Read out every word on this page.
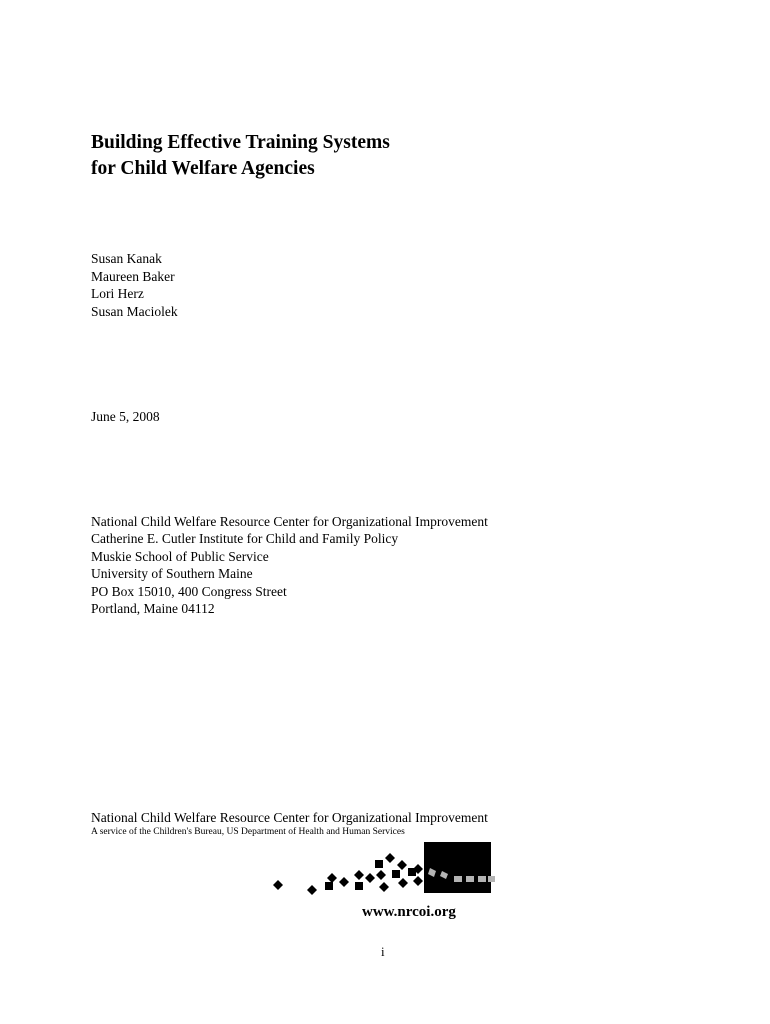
Building Effective Training Systems
for Child Welfare Agencies
Susan Kanak
Maureen Baker
Lori Herz
Susan Maciolek
June 5, 2008
National Child Welfare Resource Center for Organizational Improvement
Catherine E. Cutler Institute for Child and Family Policy
Muskie School of Public Service
University of Southern Maine
PO Box 15010, 400 Congress Street
Portland, Maine 04112
National Child Welfare Resource Center for Organizational Improvement
A service of the Children's Bureau, US Department of Health and Human Services
www.nrcoi.org
i
